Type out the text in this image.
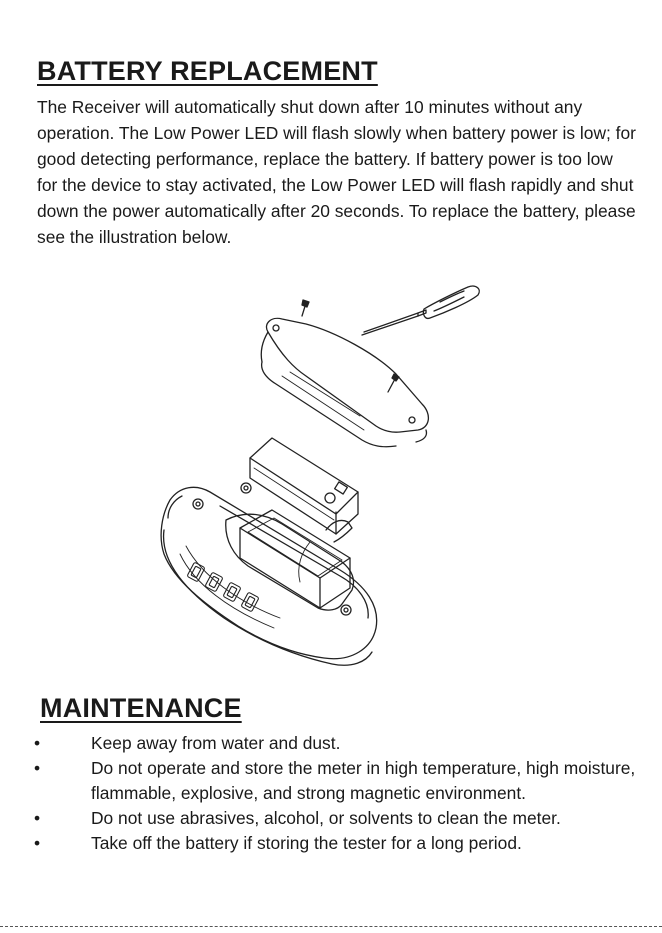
BATTERY REPLACEMENT

The Receiver will automatically shut down after 10 minutes without any operation. The Low Power LED will flash slowly when battery power is low; for good detecting performance, replace the battery. If battery power is too low for the device to stay activated, the Low Power LED will flash rapidly and shut down the power automatically after 20 seconds. To replace the battery, please see the illustration below.

MAINTENANCE
•	Keep away from water and dust.
•	Do not operate and store the meter in high temperature, high moisture, flammable, explosive, and strong magnetic environment.
•	Do not use abrasives, alcohol, or solvents to clean the meter.
•	Take off the battery if storing the tester for a long period.
